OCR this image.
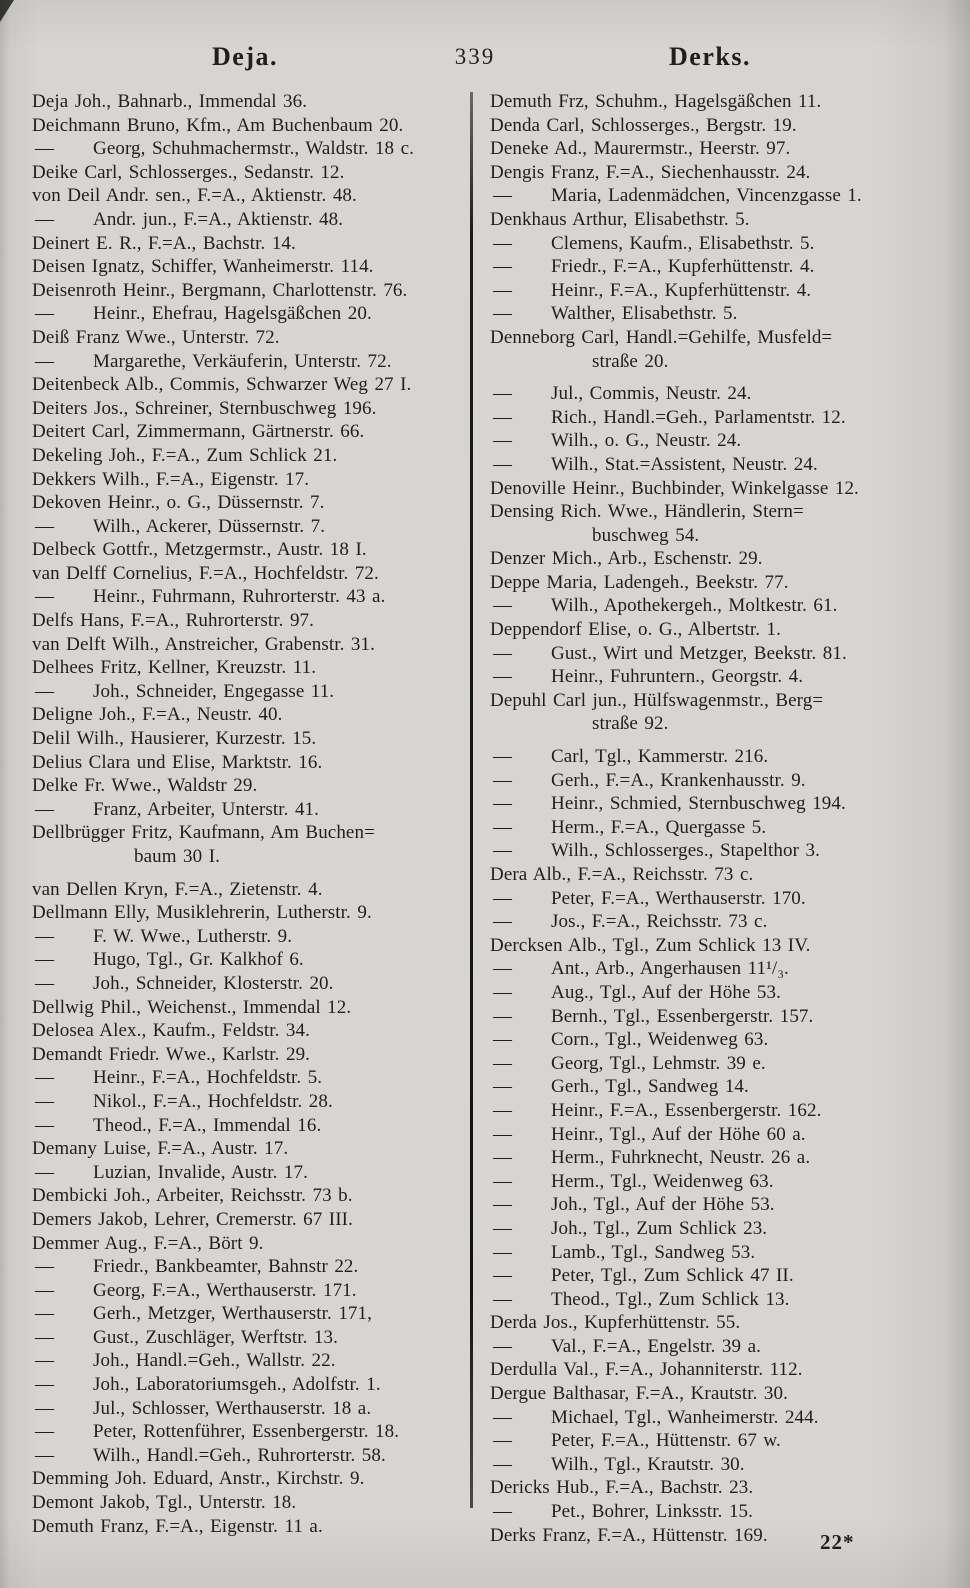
Deja.	339	Derks.
Deja Joh., Bahnarb., Immendal 36.
Deichmann Bruno, Kfm., Am Buchenbaum 20.
— Georg, Schuhmachermstr., Waldstr. 18 c.
Deike Carl, Schlosserges., Sedanstr. 12.
von Deil Andr. sen., F.=A., Aktienstr. 48.
— Andr. jun., F.=A., Aktienstr. 48.
Deinert E. R., F.=A., Bachstr. 14.
Deisen Ignatz, Schiffer, Wanheimerstr. 114.
Deisenroth Heinr., Bergmann, Charlottenstr. 76.
— Heinr., Ehefrau, Hagelsgäßchen 20.
Deiß Franz Wwe., Unterstr. 72.
— Margarethe, Verkäuferin, Unterstr. 72.
Deitenbeck Alb., Commis, Schwarzer Weg 27 I.
Deiters Jos., Schreiner, Sternbuschweg 196.
Deitert Carl, Zimmermann, Gärtnerstr. 66.
Dekeling Joh., F.=A., Zum Schlick 21.
Dekkers Wilh., F.=A., Eigenstr. 17.
Dekoven Heinr., o. G., Düssernstr. 7.
— Wilh., Ackerer, Düssernstr. 7.
Delbeck Gottfr., Metzgermstr., Austr. 18 I.
van Delff Cornelius, F.=A., Hochfeldstr. 72.
— Heinr., Fuhrmann, Ruhrorterstr. 43 a.
Delfs Hans, F.=A., Ruhrorterstr. 97.
van Delft Wilh., Anstreicher, Grabenstr. 31.
Delhees Fritz, Kellner, Kreuzstr. 11.
— Joh., Schneider, Engegasse 11.
Deligne Joh., F.=A., Neustr. 40.
Delil Wilh., Hausierer, Kurzestr. 15.
Delius Clara und Elise, Marktstr. 16.
Delke Fr. Wwe., Waldstr 29.
— Franz, Arbeiter, Unterstr. 41.
Dellbrügger Fritz, Kaufmann, Am Buchen=
baum 30 I.
van Dellen Kryn, F.=A., Zietenstr. 4.
Dellmann Elly, Musiklehrerin, Lutherstr. 9.
— F. W. Wwe., Lutherstr. 9.
— Hugo, Tgl., Gr. Kalkhof 6.
— Joh., Schneider, Klosterstr. 20.
Dellwig Phil., Weichenst., Immendal 12.
Delosea Alex., Kaufm., Feldstr. 34.
Demandt Friedr. Wwe., Karlstr. 29.
— Heinr., F.=A., Hochfeldstr. 5.
— Nikol., F.=A., Hochfeldstr. 28.
— Theod., F.=A., Immendal 16.
Demany Luise, F.=A., Austr. 17.
— Luzian, Invalide, Austr. 17.
Dembicki Joh., Arbeiter, Reichsstr. 73 b.
Demers Jakob, Lehrer, Cremerstr. 67 III.
Demmer Aug., F.=A., Bört 9.
— Friedr., Bankbeamter, Bahnstr 22.
— Georg, F.=A., Werthauserstr. 171.
— Gerh., Metzger, Werthauserstr. 171,
— Gust., Zuschläger, Werftstr. 13.
— Joh., Handl.=Geh., Wallstr. 22.
— Joh., Laboratoriumsgeh., Adolfstr. 1.
— Jul., Schlosser, Werthauserstr. 18 a.
— Peter, Rottenführer, Essenbergerstr. 18.
— Wilh., Handl.=Geh., Ruhrorterstr. 58.
Demming Joh. Eduard, Anstr., Kirchstr. 9.
Demont Jakob, Tgl., Unterstr. 18.
Demuth Franz, F.=A., Eigenstr. 11 a.
Demuth Frz, Schuhm., Hagelsgäßchen 11.
Denda Carl, Schlosserges., Bergstr. 19.
Deneke Ad., Maurermstr., Heerstr. 97.
Dengis Franz, F.=A., Siechenhausstr. 24.
— Maria, Ladenmädchen, Vincenzgasse 1.
Denkhaus Arthur, Elisabethstr. 5.
— Clemens, Kaufm., Elisabethstr. 5.
— Friedr., F.=A., Kupferhüttenstr. 4.
— Heinr., F.=A., Kupferhüttenstr. 4.
— Walther, Elisabethstr. 5.
Denneborg Carl, Handl.=Gehilfe, Musfeld=
straße 20.
— Jul., Commis, Neustr. 24.
— Rich., Handl.=Geh., Parlamentstr. 12.
— Wilh., o. G., Neustr. 24.
— Wilh., Stat.=Assistent, Neustr. 24.
Denoville Heinr., Buchbinder, Winkelgasse 12.
Densing Rich. Wwe., Händlerin, Stern=
buschweg 54.
Denzer Mich., Arb., Eschenstr. 29.
Deppe Maria, Ladengeh., Beekstr. 77.
— Wilh., Apothekergeh., Moltkestr. 61.
Deppendorf Elise, o. G., Albertstr. 1.
— Gust., Wirt und Metzger, Beekstr. 81.
— Heinr., Fuhruntern., Georgstr. 4.
Depuhl Carl jun., Hülfswagenmstr., Berg=
straße 92.
— Carl, Tgl., Kammerstr. 216.
— Gerh., F.=A., Krankenhausstr. 9.
— Heinr., Schmied, Sternbuschweg 194.
— Herm., F.=A., Quergasse 5.
— Wilh., Schlosserges., Stapelthor 3.
Dera Alb., F.=A., Reichsstr. 73 c.
— Peter, F.=A., Werthauserstr. 170.
— Jos., F.=A., Reichsstr. 73 c.
Dercksen Alb., Tgl., Zum Schlick 13 IV.
— Ant., Arb., Angerhausen 11¹/₃.
— Aug., Tgl., Auf der Höhe 53.
— Bernh., Tgl., Essenbergerstr. 157.
— Corn., Tgl., Weidenweg 63.
— Georg, Tgl., Lehmstr. 39 e.
— Gerh., Tgl., Sandweg 14.
— Heinr., F.=A., Essenbergerstr. 162.
— Heinr., Tgl., Auf der Höhe 60 a.
— Herm., Fuhrknecht, Neustr. 26 a.
— Herm., Tgl., Weidenweg 63.
— Joh., Tgl., Auf der Höhe 53.
— Joh., Tgl., Zum Schlick 23.
— Lamb., Tgl., Sandweg 53.
— Peter, Tgl., Zum Schlick 47 II.
— Theod., Tgl., Zum Schlick 13.
Derda Jos., Kupferhüttenstr. 55.
— Val., F.=A., Engelstr. 39 a.
Derdulla Val., F.=A., Johanniterstr. 112.
Dergue Balthasar, F.=A., Krautstr. 30.
— Michael, Tgl., Wanheimerstr. 244.
— Peter, F.=A., Hüttenstr. 67 w.
— Wilh., Tgl., Krautstr. 30.
Dericks Hub., F.=A., Bachstr. 23.
— Pet., Bohrer, Linksstr. 15.
Derks Franz, F.=A., Hüttenstr. 169.	22*
